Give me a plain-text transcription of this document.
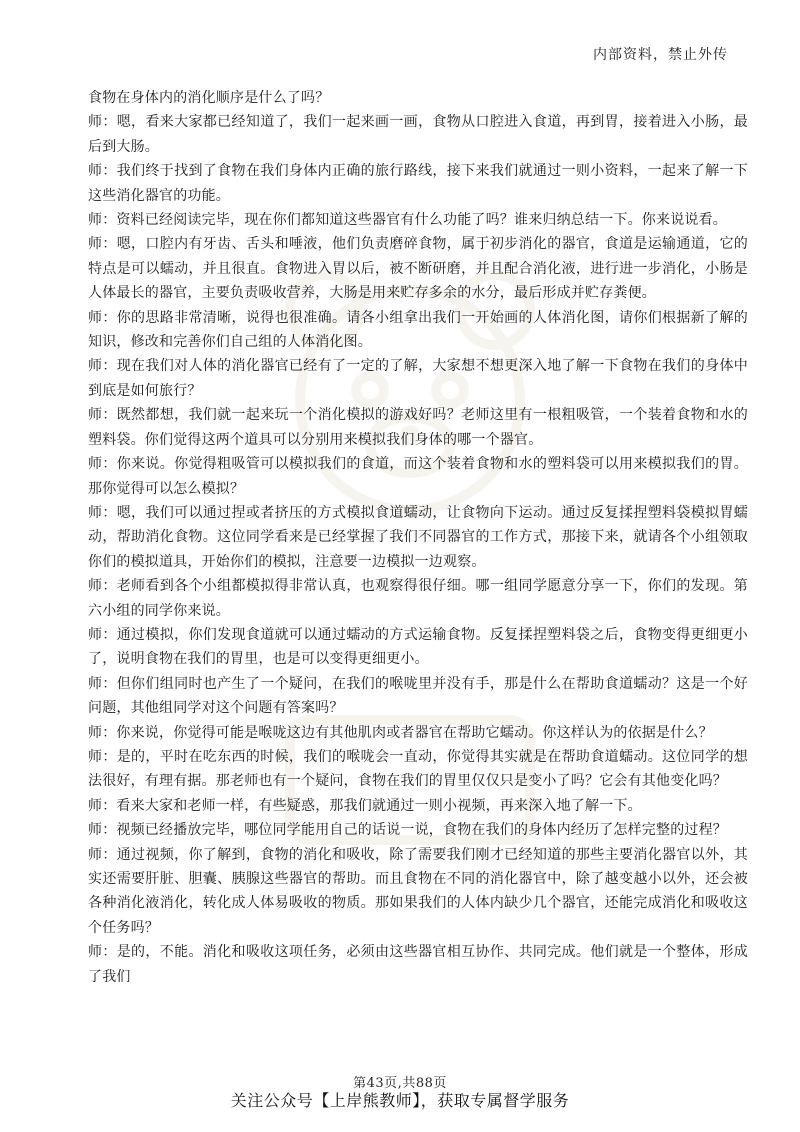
内部资料，禁止外传

食物在身体内的消化顺序是什么了吗？

师：嗯，看来大家都已经知道了，我们一起来画一画，食物从口腔进入食道，再到胃，接着进入小肠，最后到大肠。

师：我们终于找到了食物在我们身体内正确的旅行路线，接下来我们就通过一则小资料，一起来了解一下这些消化器官的功能。

师：资料已经阅读完毕，现在你们都知道这些器官有什么功能了吗？谁来归纳总结一下。你来说说看。

师：嗯，口腔内有牙齿、舌头和唾液，他们负责磨碎食物，属于初步消化的器官，食道是运输通道，它的特点是可以蠕动，并且很直。食物进入胃以后，被不断研磨，并且配合消化液，进行进一步消化，小肠是人体最长的器官，主要负责吸收营养，大肠是用来贮存多余的水分，最后形成并贮存粪便。

师：你的思路非常清晰，说得也很准确。请各小组拿出我们一开始画的人体消化图，请你们根据新了解的知识，修改和完善你们自己组的人体消化图。

师：现在我们对人体的消化器官已经有了一定的了解，大家想不想更深入地了解一下食物在我们的身体中到底是如何旅行？

师：既然都想，我们就一起来玩一个消化模拟的游戏好吗？老师这里有一根粗吸管，一个装着食物和水的塑料袋。你们觉得这两个道具可以分别用来模拟我们身体的哪一个器官。

师：你来说。你觉得粗吸管可以模拟我们的食道，而这个装着食物和水的塑料袋可以用来模拟我们的胃。那你觉得可以怎么模拟？

师：嗯，我们可以通过捏或者挤压的方式模拟食道蠕动，让食物向下运动。通过反复揉捏塑料袋模拟胃蠕动，帮助消化食物。这位同学看来是已经掌握了我们不同器官的工作方式，那接下来，就请各个小组领取你们的模拟道具，开始你们的模拟，注意要一边模拟一边观察。

师：老师看到各个小组都模拟得非常认真，也观察得很仔细。哪一组同学愿意分享一下，你们的发现。第六小组的同学你来说。

师：通过模拟，你们发现食道就可以通过蠕动的方式运输食物。反复揉捏塑料袋之后，食物变得更细更小了，说明食物在我们的胃里，也是可以变得更细更小。

师：但你们组同时也产生了一个疑问，在我们的喉咙里并没有手，那是什么在帮助食道蠕动？这是一个好问题，其他组同学对这个问题有答案吗？

师：你来说，你觉得可能是喉咙这边有其他肌肉或者器官在帮助它蠕动。你这样认为的依据是什么？

师：是的，平时在吃东西的时候，我们的喉咙会一直动，你觉得其实就是在帮助食道蠕动。这位同学的想法很好，有理有据。那老师也有一个疑问，食物在我们的胃里仅仅只是变小了吗？它会有其他变化吗？

师：看来大家和老师一样，有些疑惑，那我们就通过一则小视频，再来深入地了解一下。

师：视频已经播放完毕，哪位同学能用自己的话说一说，食物在我们的身体内经历了怎样完整的过程？

师：通过视频，你了解到，食物的消化和吸收，除了需要我们刚才已经知道的那些主要消化器官以外，其实还需要肝脏、胆囊、胰腺这些器官的帮助。而且食物在不同的消化器官中，除了越变越小以外，还会被各种消化液消化，转化成人体易吸收的物质。那如果我们的人体内缺少几个器官，还能完成消化和吸收这个任务吗？

师：是的，不能。消化和吸收这项任务，必须由这些器官相互协作、共同完成。他们就是一个整体，形成了我们

第43页,共88页
关注公众号【上岸熊教师】，获取专属督学服务
